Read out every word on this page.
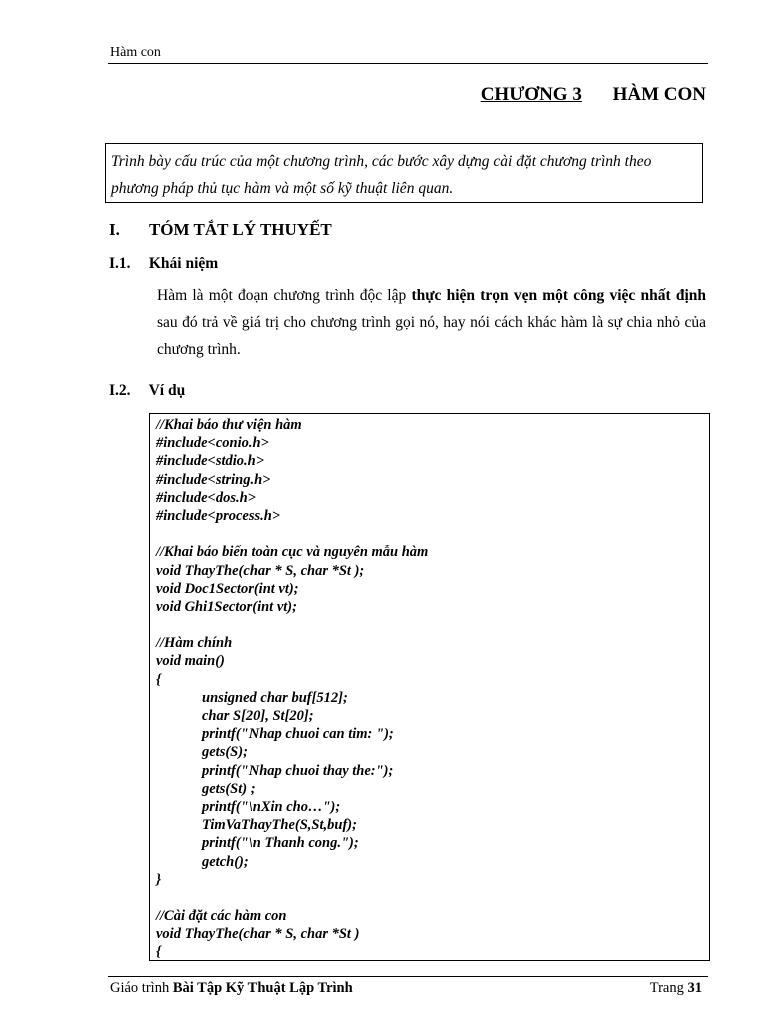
Hàm con
CHƯƠNG 3 HÀM CON
Trình bày cấu trúc của một chương trình, các bước xây dựng cài đặt chương trình theo phương pháp thủ tục hàm và một số kỹ thuật liên quan.
I. TÓM TẮT LÝ THUYẾT
I.1. Khái niệm
Hàm là một đoạn chương trình độc lập thực hiện trọn vẹn một công việc nhất định sau đó trả về giá trị cho chương trình gọi nó, hay nói cách khác hàm là sự chia nhỏ của chương trình.
I.2. Ví dụ
//Khai báo thư viện hàm
#include<conio.h>
#include<stdio.h>
#include<string.h>
#include<dos.h>
#include<process.h>

//Khai báo biến toàn cục và nguyên mẫu hàm
void ThayThe(char * S, char *St );
void Doc1Sector(int vt);
void Ghi1Sector(int vt);

//Hàm chính
void main()
{
unsigned char buf[512];
char S[20], St[20];
printf("Nhap chuoi can tim: ");
gets(S);
printf("Nhap chuoi thay the:");
gets(St) ;
printf("\nXin cho…");
TimVaThayThe(S,St,buf);
printf("\n Thanh cong.");
getch();
}

//Cài đặt các hàm con
void ThayThe(char * S, char *St )
{
Giáo trình Bài Tập Kỹ Thuật Lập Trình	Trang 31
